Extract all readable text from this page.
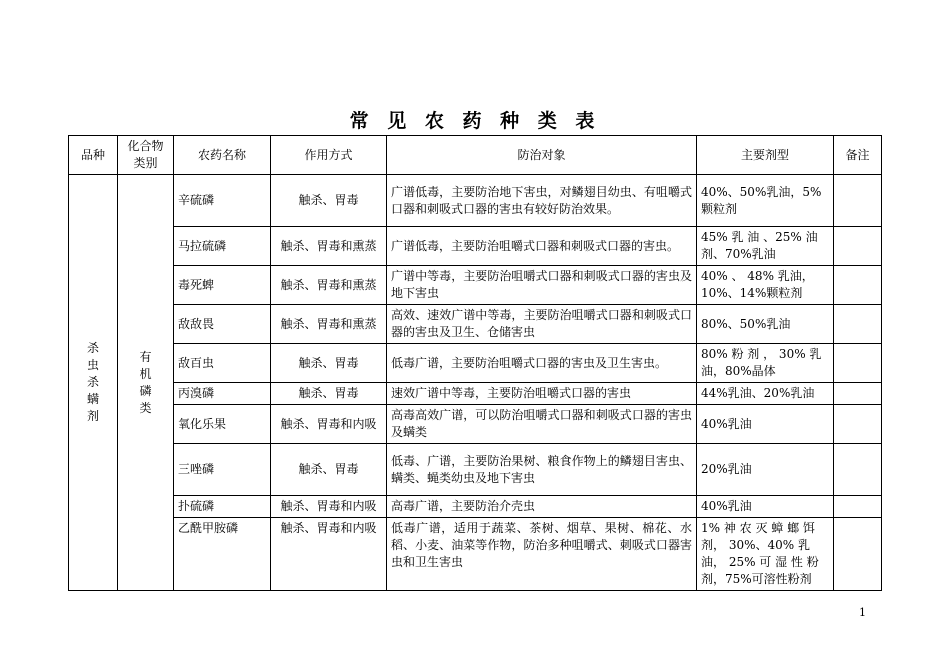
常 见 农 药 种 类 表
品种	化合物类别	农药名称	作用方式	防治对象	主要剂型	备注
杀虫杀螨剂	有机磷类	辛硫磷	触杀、胃毒	广谱低毒，主要防治地下害虫，对鳞翅目幼虫、有咀嚼式口器和刺吸式口器的害虫有较好防治效果。	40%、50%乳油，5%颗粒剂	
		马拉硫磷	触杀、胃毒和熏蒸	广谱低毒，主要防治咀嚼式口器和刺吸式口器的害虫。	45% 乳 油 、25% 油剂、70%乳油	
		毒死蜱	触杀、胃毒和熏蒸	广谱中等毒，主要防治咀嚼式口器和刺吸式口器的害虫及地下害虫	40% 、 48% 乳油，10%、14%颗粒剂	
		敌敌畏	触杀、胃毒和熏蒸	高效、速效广谱中等毒，主要防治咀嚼式口器和刺吸式口器的害虫及卫生、仓储害虫	80%、50%乳油	
		敌百虫	触杀、胃毒	低毒广谱，主要防治咀嚼式口器的害虫及卫生害虫。	80% 粉 剂 ， 30% 乳油，80%晶体	
		丙溴磷	触杀、胃毒	速效广谱中等毒，主要防治咀嚼式口器的害虫	44%乳油、20%乳油	
		氧化乐果	触杀、胃毒和内吸	高毒高效广谱，可以防治咀嚼式口器和刺吸式口器的害虫及螨类	40%乳油	
		三唑磷	触杀、胃毒	低毒、广谱，主要防治果树、粮食作物上的鳞翅目害虫、螨类、蝇类幼虫及地下害虫	20%乳油	
		扑硫磷	触杀、胃毒和内吸	高毒广谱，主要防治介壳虫	40%乳油	
		乙酰甲胺磷	触杀、胃毒和内吸	低毒广谱，适用于蔬菜、茶树、烟草、果树、棉花、水稻、小麦、油菜等作物，防治多种咀嚼式、刺吸式口器害虫和卫生害虫	1% 神 农 灭 蟑 螂 饵剂， 30%、40% 乳油， 25% 可 湿 性 粉剂，75%可溶性粉剂	
1
